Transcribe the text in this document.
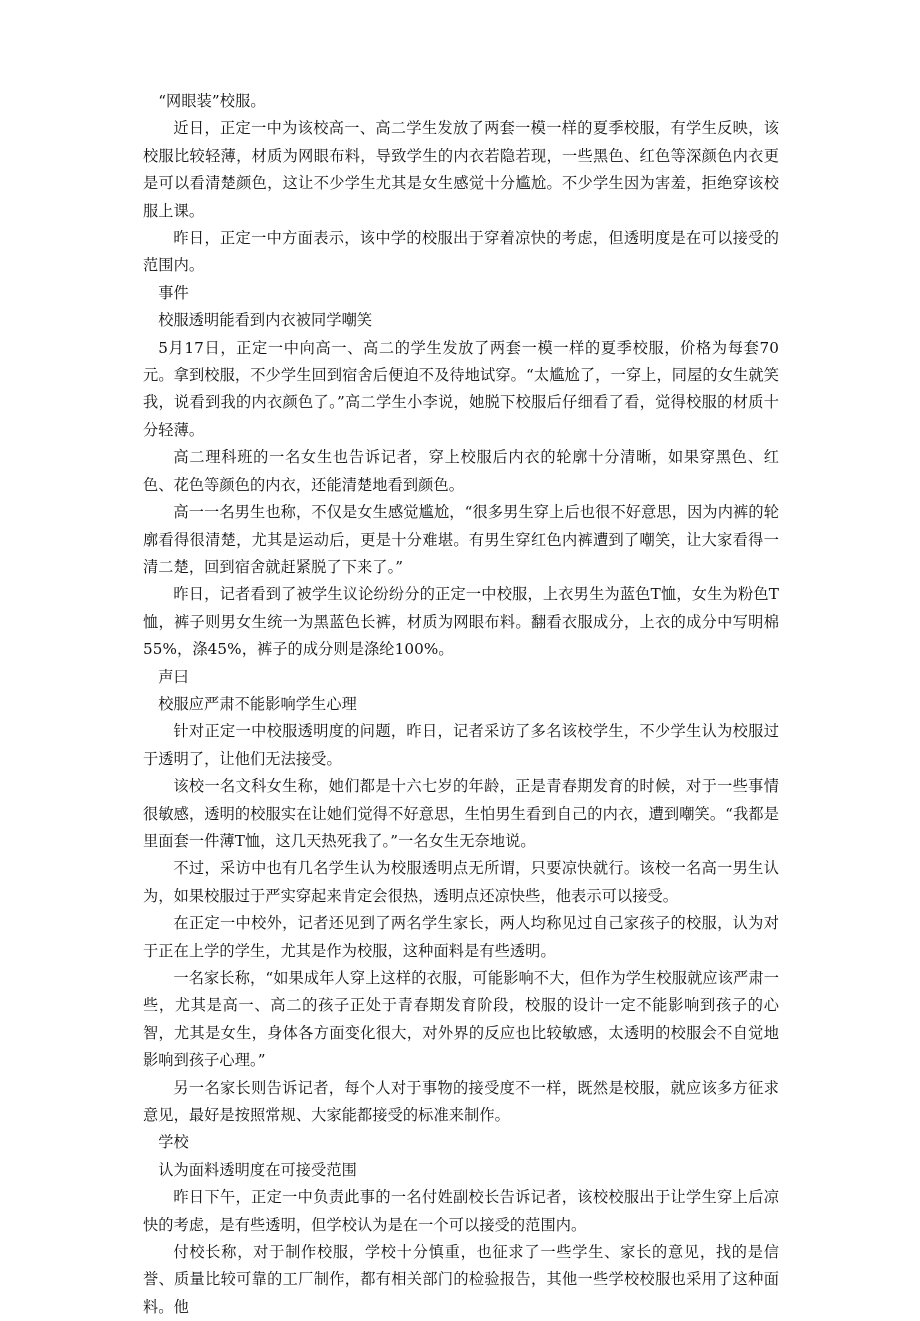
“网眼装”校服。

近日，正定一中为该校高一、高二学生发放了两套一模一样的夏季校服，有学生反映，该校服比较轻薄，材质为网眼布料，导致学生的内衣若隐若现，一些黑色、红色等深颜色内衣更是可以看清楚颜色，这让不少学生尤其是女生感觉十分尴尬。不少学生因为害羞，拒绝穿该校服上课。

昨日，正定一中方面表示，该中学的校服出于穿着凉快的考虑，但透明度是在可以接受的范围内。

事件

校服透明能看到内衣被同学嘲笑

5月17日，正定一中向高一、高二的学生发放了两套一模一样的夏季校服，价格为每套70元。拿到校服，不少学生回到宿舍后便迫不及待地试穿。“太尴尬了，一穿上，同屋的女生就笑我，说看到我的内衣颜色了。”高二学生小李说，她脱下校服后仔细看了看，觉得校服的材质十分轻薄。

高二理科班的一名女生也告诉记者，穿上校服后内衣的轮廓十分清晰，如果穿黑色、红色、花色等颜色的内衣，还能清楚地看到颜色。

高一一名男生也称，不仅是女生感觉尴尬，“很多男生穿上后也很不好意思，因为内裤的轮廓看得很清楚，尤其是运动后，更是十分难堪。有男生穿红色内裤遭到了嘲笑，让大家看得一清二楚，回到宿舍就赶紧脱了下来了。”

昨日，记者看到了被学生议论纷纷分的正定一中校服，上衣男生为蓝色T恤，女生为粉色T 恤，裤子则男女生统一为黑蓝色长裤，材质为网眼布料。翻看衣服成分，上衣的成分中写明棉55%，涤45%，裤子的成分则是涤纶100%。

声曰

校服应严肃不能影响学生心理

针对正定一中校服透明度的问题，昨日，记者采访了多名该校学生，不少学生认为校服过于透明了，让他们无法接受。

该校一名文科女生称，她们都是十六七岁的年龄，正是青春期发育的时候，对于一些事情很敏感，透明的校服实在让她们觉得不好意思，生怕男生看到自己的内衣，遭到嘲笑。“我都是里面套一件薄T恤，这几天热死我了。”一名女生无奈地说。

不过，采访中也有几名学生认为校服透明点无所谓，只要凉快就行。该校一名高一男生认为，如果校服过于严实穿起来肯定会很热，透明点还凉快些，他表示可以接受。

在正定一中校外，记者还见到了两名学生家长，两人均称见过自己家孩子的校服，认为对于正在上学的学生，尤其是作为校服，这种面料是有些透明。

一名家长称，“如果成年人穿上这样的衣服，可能影响不大，但作为学生校服就应该严肃一些，尤其是高一、高二的孩子正处于青春期发育阶段，校服的设计一定不能影响到孩子的心智，尤其是女生，身体各方面变化很大，对外界的反应也比较敏感，太透明的校服会不自觉地影响到孩子心理。”

另一名家长则告诉记者，每个人对于事物的接受度不一样，既然是校服，就应该多方征求意见，最好是按照常规、大家能都接受的标准来制作。

学校

认为面料透明度在可接受范围

昨日下午，正定一中负责此事的一名付姓副校长告诉记者，该校校服出于让学生穿上后凉快的考虑，是有些透明，但学校认为是在一个可以接受的范围内。

付校长称，对于制作校服，学校十分慎重，也征求了一些学生、家长的意见，找的是信誉、质量比较可靠的工厂制作，都有相关部门的检验报告，其他一些学校校服也采用了这种面料。他
